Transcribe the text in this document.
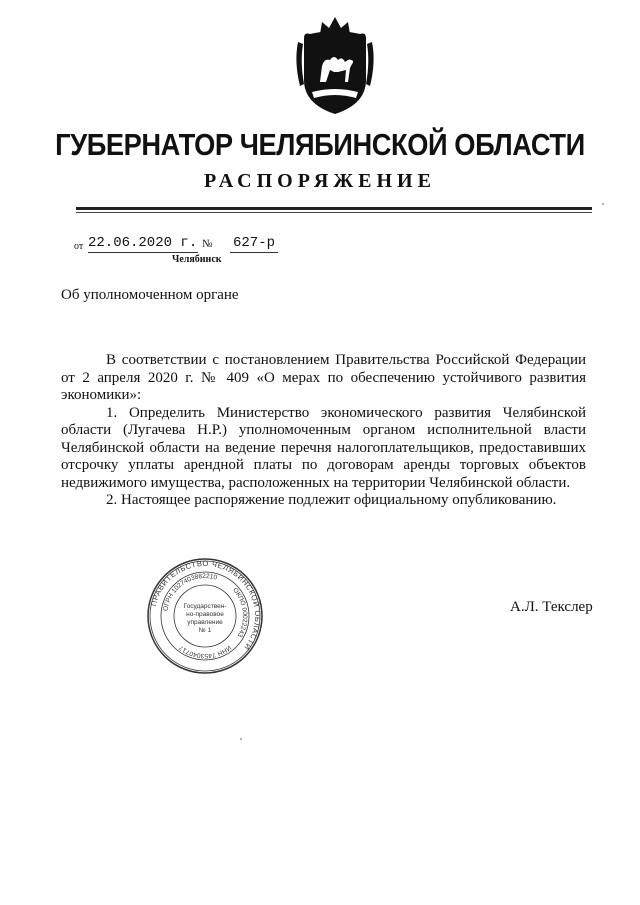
ГУБЕРНАТОР ЧЕЛЯБИНСКОЙ ОБЛАСТИ
РАСПОРЯЖЕНИЕ
от 22.06.2020 г. № 627-р
Челябинск
Об уполномоченном органе

В соответствии с постановлением Правительства Российской Федерации от 2 апреля 2020 г. № 409 «О мерах по обеспечению устойчивого развития экономики»:

1. Определить Министерство экономического развития Челябинской области (Лугачева Н.Р.) уполномоченным органом исполнительной власти Челябинской области на ведение перечня налогоплательщиков, предоставивших отсрочку уплаты арендной платы по договорам аренды торговых объектов недвижимого имущества, расположенных на территории Челябинской области.

2. Настоящее распоряжение подлежит официальному опубликованию.

ПРАВИТЕЛЬСТВО ЧЕЛЯБИНСКОЙ ОБЛАСТИ
ОГРН 1027403882210
ОКПО 00022243
ИНН 7453040717
Государствен-
но-правовое
управление
№ 1
А.Л. Текслер
